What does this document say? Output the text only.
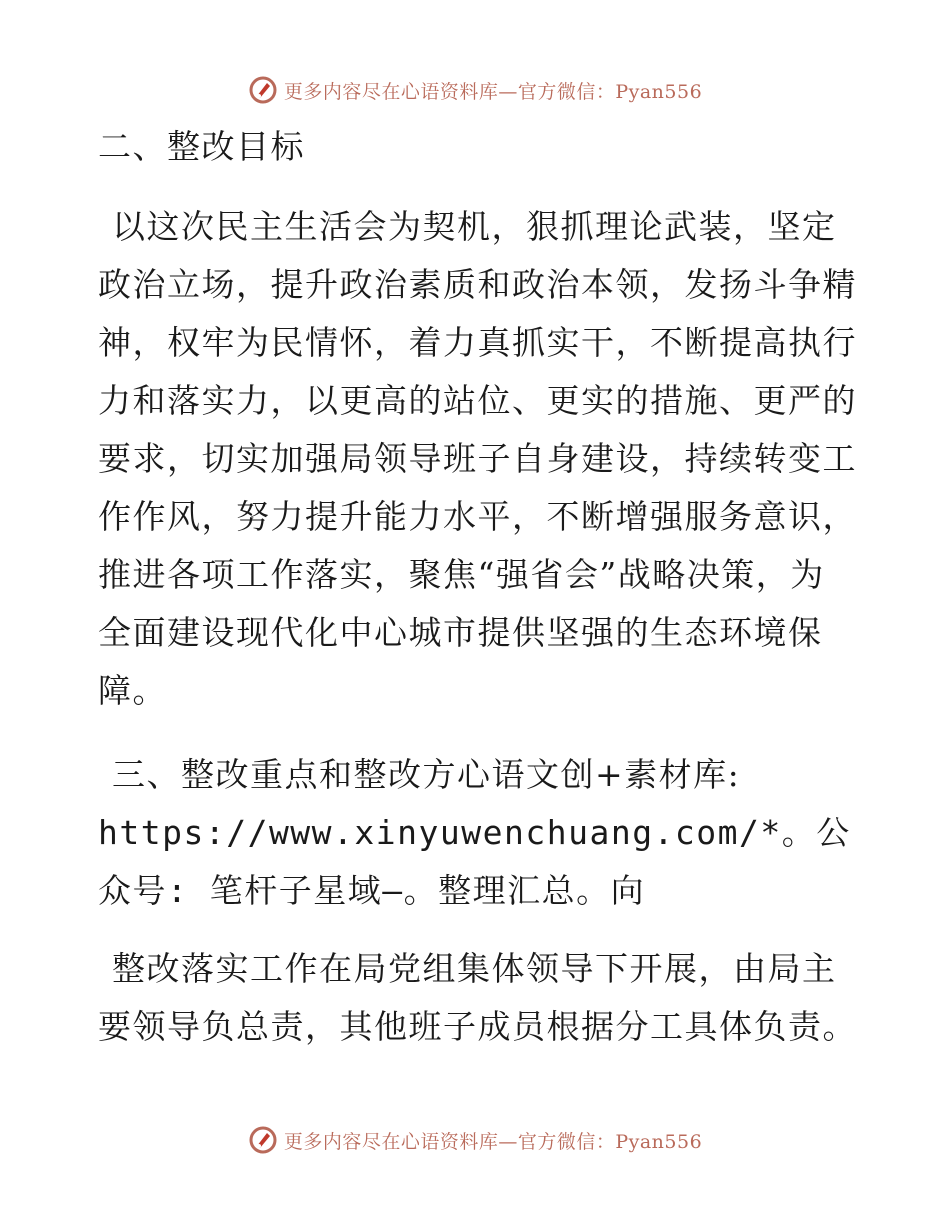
更多内容尽在心语资料库—官方微信：Pyan556

二、整改目标

以这次民主生活会为契机，狠抓理论武装，坚定政治立场，提升政治素质和政治本领，发扬斗争精神，权牢为民情怀，着力真抓实干，不断提高执行力和落实力，以更高的站位、更实的措施、更严的要求，切实加强局领导班子自身建设，持续转变工作作风，努力提升能力水平，不断增强服务意识，推进各项工作落实，聚焦“强省会”战略决策，为全面建设现代化中心城市提供坚强的生态环境保障。

三、整改重点和整改方心语文创+素材库:

https://www.xinyuwenchuang.com/*。公众号: 笔杆子星域—。整理汇总。向

整改落实工作在局党组集体领导下开展，由局主要领导负总责，其他班子成员根据分工具体负责。

更多内容尽在心语资料库—官方微信：Pyan556
